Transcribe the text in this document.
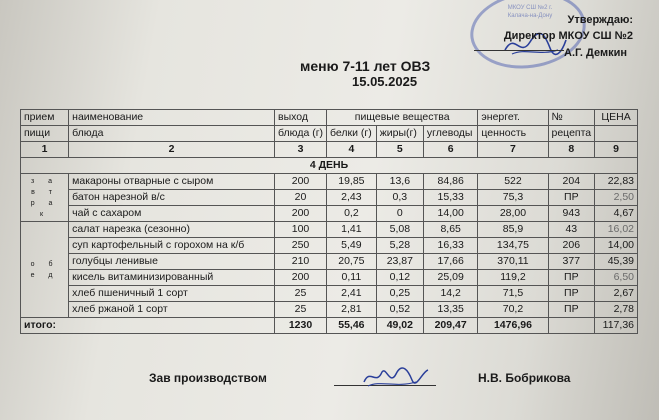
МКОУ СШ №2 г. Калача-на-Дону	Утверждаю:
Директор МКОУ СШ №2
А.Г. Демкин
меню 7-11 лет ОВЗ
15.05.2025
прием	наименование	выход	пищевые вещества			энергет.	№	ЦЕНА
пищи	блюда	блюда (г)	белки (г)	жиры(г)	углеводы	ценность	рецепта	
1	2	3	4	5	6	7	8	9
4 ДЕНЬ								
з а в т р а к	макароны отварные с сыром	200	19,85	13,6	84,86	522	204	22,83
	батон нарезной в/с	20	2,43	0,3	15,33	75,3	ПР	2,50
	чай с сахаром	200	0,2	0	14,00	28,00	943	4,67
о б е д	салат нарезка (сезонно)	100	1,41	5,08	8,65	85,9	43	16,02
	суп картофельный с горохом на к/б	250	5,49	5,28	16,33	134,75	206	14,00
	голубцы ленивые	210	20,75	23,87	17,66	370,11	377	45,39
	кисель витаминизированный	200	0,11	0,12	25,09	119,2	ПР	6,50
	хлеб пшеничный 1 сорт	25	2,41	0,25	14,2	71,5	ПР	2,67
	хлеб ржаной 1 сорт	25	2,81	0,52	13,35	70,2	ПР	2,78
итого:		1230	55,46	49,02	209,47	1476,96		117,36
Зав производством	Н.В. Бобрикова
